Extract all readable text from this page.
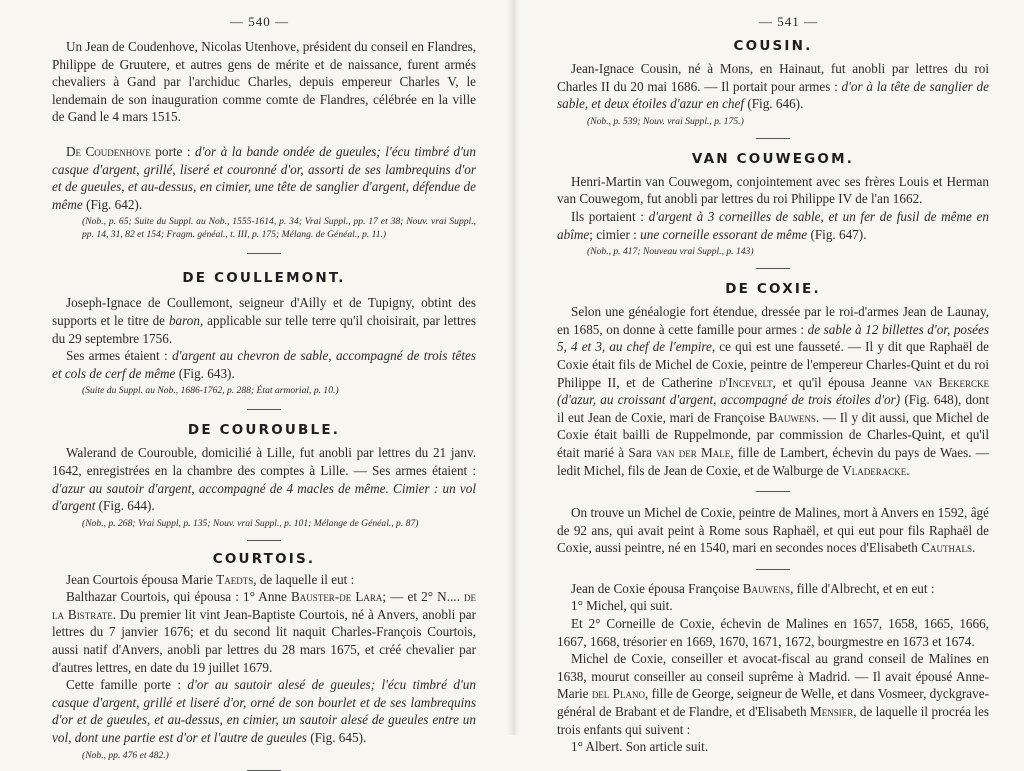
— 540 —

Un Jean de Coudenhove, Nicolas Utenhove, président du conseil en Flandres, Philippe de Gruutere, et autres gens de mérite et de naissance, furent armés chevaliers à Gand par l'archiduc Charles, depuis empereur Charles V, le lendemain de son inauguration comme comte de Flandres, célébrée en la ville de Gand le 4 mars 1515.

De Coudenhove porte : d'or à la bande ondée de gueules; l'écu timbré d'un casque d'argent, grillé, liseré et couronné d'or, assorti de ses lambrequins d'or et de gueules, et au-dessus, en cimier, une tête de sanglier d'argent, défendue de même (Fig. 642).

(Nob., p. 65; Suite du Suppl. au Nob., 1555-1614, p. 34; Vrai Suppl., pp. 17 et 38; Nouv. vrai Suppl., pp. 14, 31, 82 et 154; Fragm. généal., t. III, p. 175; Mélang. de Généal., p. 11.)

DE COULLEMONT.

Joseph-Ignace de Coullemont, seigneur d'Ailly et de Tupigny, obtint des supports et le titre de baron, applicable sur telle terre qu'il choisirait, par lettres du 29 septembre 1756.

Ses armes étaient : d'argent au chevron de sable, accompagné de trois têtes et cols de cerf de même (Fig. 643).

(Suite du Suppl. au Nob., 1686-1762, p. 288; État armorial, p. 10.)

DE COUROUBLE.

Walerand de Courouble, domicilié à Lille, fut anobli par lettres du 21 janv. 1642, enregistrées en la chambre des comptes à Lille. — Ses armes étaient : d'azur au sautoir d'argent, accompagné de 4 macles de même. Cimier : un vol d'argent (Fig. 644).

(Nob., p. 268; Vrai Suppl, p. 135; Nouv. vrai Suppl., p. 101; Mélange de Généal., p. 87)

COURTOIS.

Jean Courtois épousa Marie Taedts, de laquelle il eut :

Balthazar Courtois, qui épousa : 1° Anne Bauster-de Lara; — et 2° N.... de la Bistrate. Du premier lit vint Jean-Baptiste Courtois, né à Anvers, anobli par lettres du 7 janvier 1676; et du second lit naquit Charles-François Courtois, aussi natif d'Anvers, anobli par lettres du 28 mars 1675, et créé chevalier par d'autres lettres, en date du 19 juillet 1679.

Cette famille porte : d'or au sautoir alesé de gueules; l'écu timbré d'un casque d'argent, grillé et liseré d'or, orné de son bourlet et de ses lambrequins d'or et de gueules, et au-dessus, en cimier, un sautoir alesé de gueules entre un vol, dont une partie est d'or et l'autre de gueules (Fig. 645).

(Nob., pp. 476 et 482.)

— 541 —
COUSIN.

Jean-Ignace Cousin, né à Mons, en Hainaut, fut anobli par lettres du roi Charles II du 20 mai 1686. — Il portait pour armes : d'or à la tête de sanglier de sable, et deux étoiles d'azur en chef (Fig. 646).

(Nob., p. 539; Nouv. vrai Suppl., p. 175.)

VAN COUWEGOM.

Henri-Martin van Couwegom, conjointement avec ses frères Louis et Herman van Couwegom, fut anobli par lettres du roi Philippe IV de l'an 1662.

Ils portaient : d'argent à 3 corneilles de sable, et un fer de fusil de même en abîme; cimier : une corneille essorant de même (Fig. 647).

(Nob., p. 417; Nouveau vrai Suppl., p. 143)

DE COXIE.

Selon une généalogie fort étendue, dressée par le roi-d'armes Jean de Launay, en 1685, on donne à cette famille pour armes : de sable à 12 billettes d'or, posées 5, 4 et 3, au chef de l'empire, ce qui est une fausseté. — Il y dit que Raphaël de Coxie était fils de Michel de Coxie, peintre de l'empereur Charles-Quint et du roi Philippe II, et de Catherine d'Incevelt, et qu'il épousa Jeanne van Bekercke (d'azur, au croissant d'argent, accompagné de trois étoiles d'or) (Fig. 648), dont il eut Jean de Coxie, mari de Françoise Bauwens. — Il y dit aussi, que Michel de Coxie était bailli de Ruppelmonde, par commission de Charles-Quint, et qu'il était marié à Sara van der Male, fille de Lambert, échevin du pays de Waes. — ledit Michel, fils de Jean de Coxie, et de Walburge de Vladeracke.

On trouve un Michel de Coxie, peintre de Malines, mort à Anvers en 1592, âgé de 92 ans, qui avait peint à Rome sous Raphaël, et qui eut pour fils Raphaël de Coxie, aussi peintre, né en 1540, mari en secondes noces d'Elisabeth Cauthals.

Jean de Coxie épousa Françoise Bauwens, fille d'Albrecht, et en eut :

1° Michel, qui suit.

Et 2° Corneille de Coxie, échevin de Malines en 1657, 1658, 1665, 1666, 1667, 1668, trésorier en 1669, 1670, 1671, 1672, bourgmestre en 1673 et 1674.

Michel de Coxie, conseiller et avocat-fiscal au grand conseil de Malines en 1638, mourut conseiller au conseil suprême à Madrid. — Il avait épousé Anne-Marie del Plano, fille de George, seigneur de Welle, et dans Vosmeer, dyckgrave-général de Brabant et de Flandre, et d'Elisabeth Mensier, de laquelle il procréa les trois enfants qui suivent :

1° Albert. Son article suit.
